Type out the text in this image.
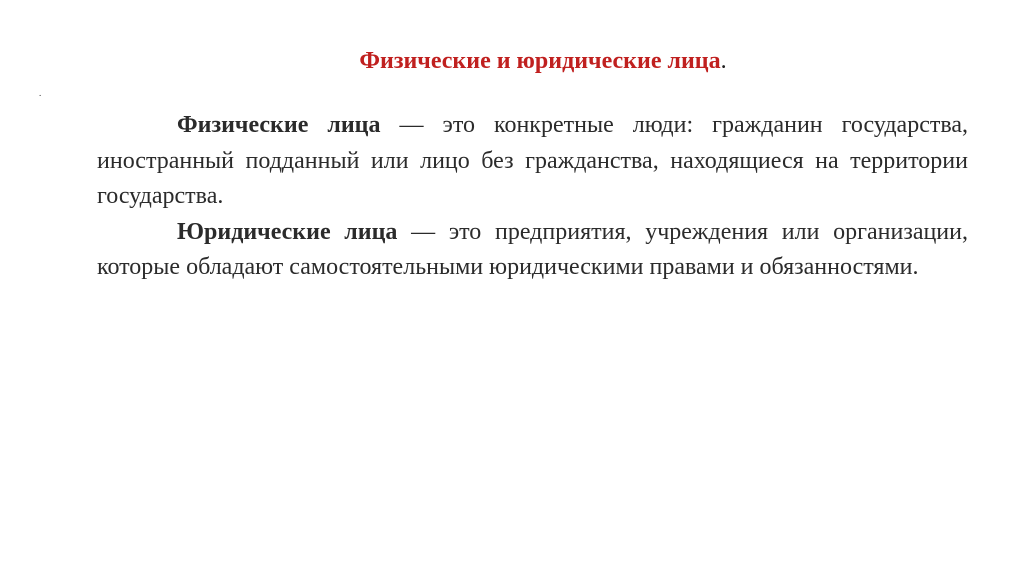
Физические и юридические лица.
.

Физические лица — это конкретные люди: гражданин государства, иностранный подданный или лицо без гражданства, находящиеся на территории государства.

Юридические лица — это предприятия, учреждения или организации, которые обладают самостоятельными юридическими правами и обязанностями.
